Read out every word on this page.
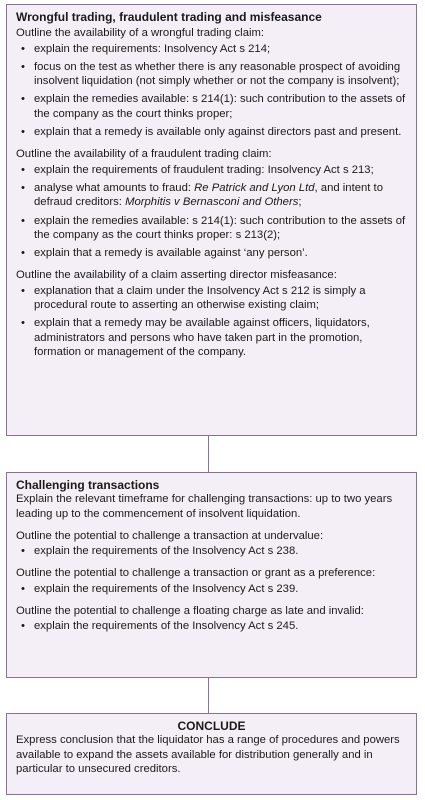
Wrongful trading, fraudulent trading and misfeasance

Outline the availability of a wrongful trading claim:

• explain the requirements: Insolvency Act s 214;
• focus on the test as whether there is any reasonable prospect of avoiding insolvent liquidation (not simply whether or not the company is insolvent);
• explain the remedies available: s 214(1): such contribution to the assets of the company as the court thinks proper;
• explain that a remedy is available only against directors past and present.

Outline the availability of a fraudulent trading claim:

• explain the requirements of fraudulent trading: Insolvency Act s 213;
• analyse what amounts to fraud: Re Patrick and Lyon Ltd, and intent to defraud creditors: Morphitis v Bernasconi and Others;
• explain the remedies available: s 214(1): such contribution to the assets of the company as the court thinks proper: s 213(2);
• explain that a remedy is available against ‘any person’.

Outline the availability of a claim asserting director misfeasance:

• explanation that a claim under the Insolvency Act s 212 is simply a procedural route to asserting an otherwise existing claim;
• explain that a remedy may be available against officers, liquidators, administrators and persons who have taken part in the promotion, formation or management of the company.
Challenging transactions

Explain the relevant timeframe for challenging transactions: up to two years leading up to the commencement of insolvent liquidation.

Outline the potential to challenge a transaction at undervalue:

• explain the requirements of the Insolvency Act s 238.

Outline the potential to challenge a transaction or grant as a preference:

• explain the requirements of the Insolvency Act s 239.

Outline the potential to challenge a floating charge as late and invalid:

• explain the requirements of the Insolvency Act s 245.
CONCLUDE

Express conclusion that the liquidator has a range of procedures and powers available to expand the assets available for distribution generally and in particular to unsecured creditors.
